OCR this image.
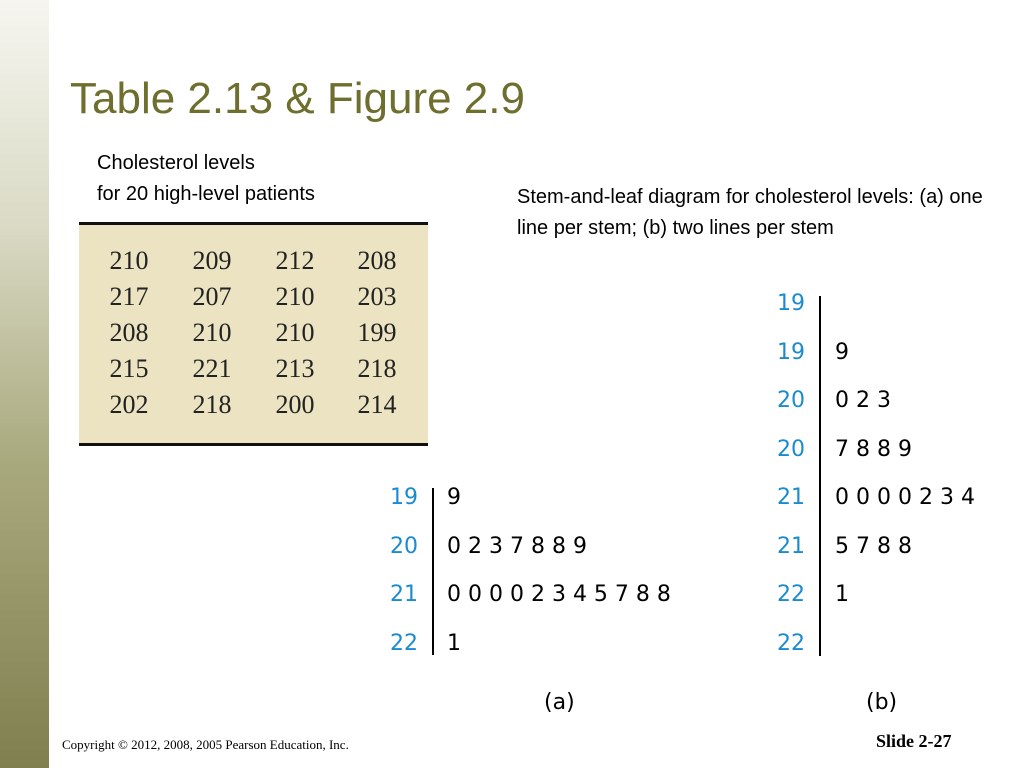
Table 2.13 & Figure 2.9
Cholesterol levels
for 20 high-level patients
210	209	212	208
217	207	210	203
208	210	210	199
215	221	213	218
202	218	200	214
Stem-and-leaf diagram for cholesterol levels: (a) one line per stem; (b) two lines per stem
19 9
20 0 2 3 7 8 8 9
21 0 0 0 0 2 3 4 5 7 8 8
22 1
19
19 9
20 0 2 3
20 7 8 8 9
21 0 0 0 0 2 3 4
21 5 7 8 8
22 1
22
(a)	(b)
Copyright © 2012, 2008, 2005 Pearson Education, Inc.	Slide 2-27
